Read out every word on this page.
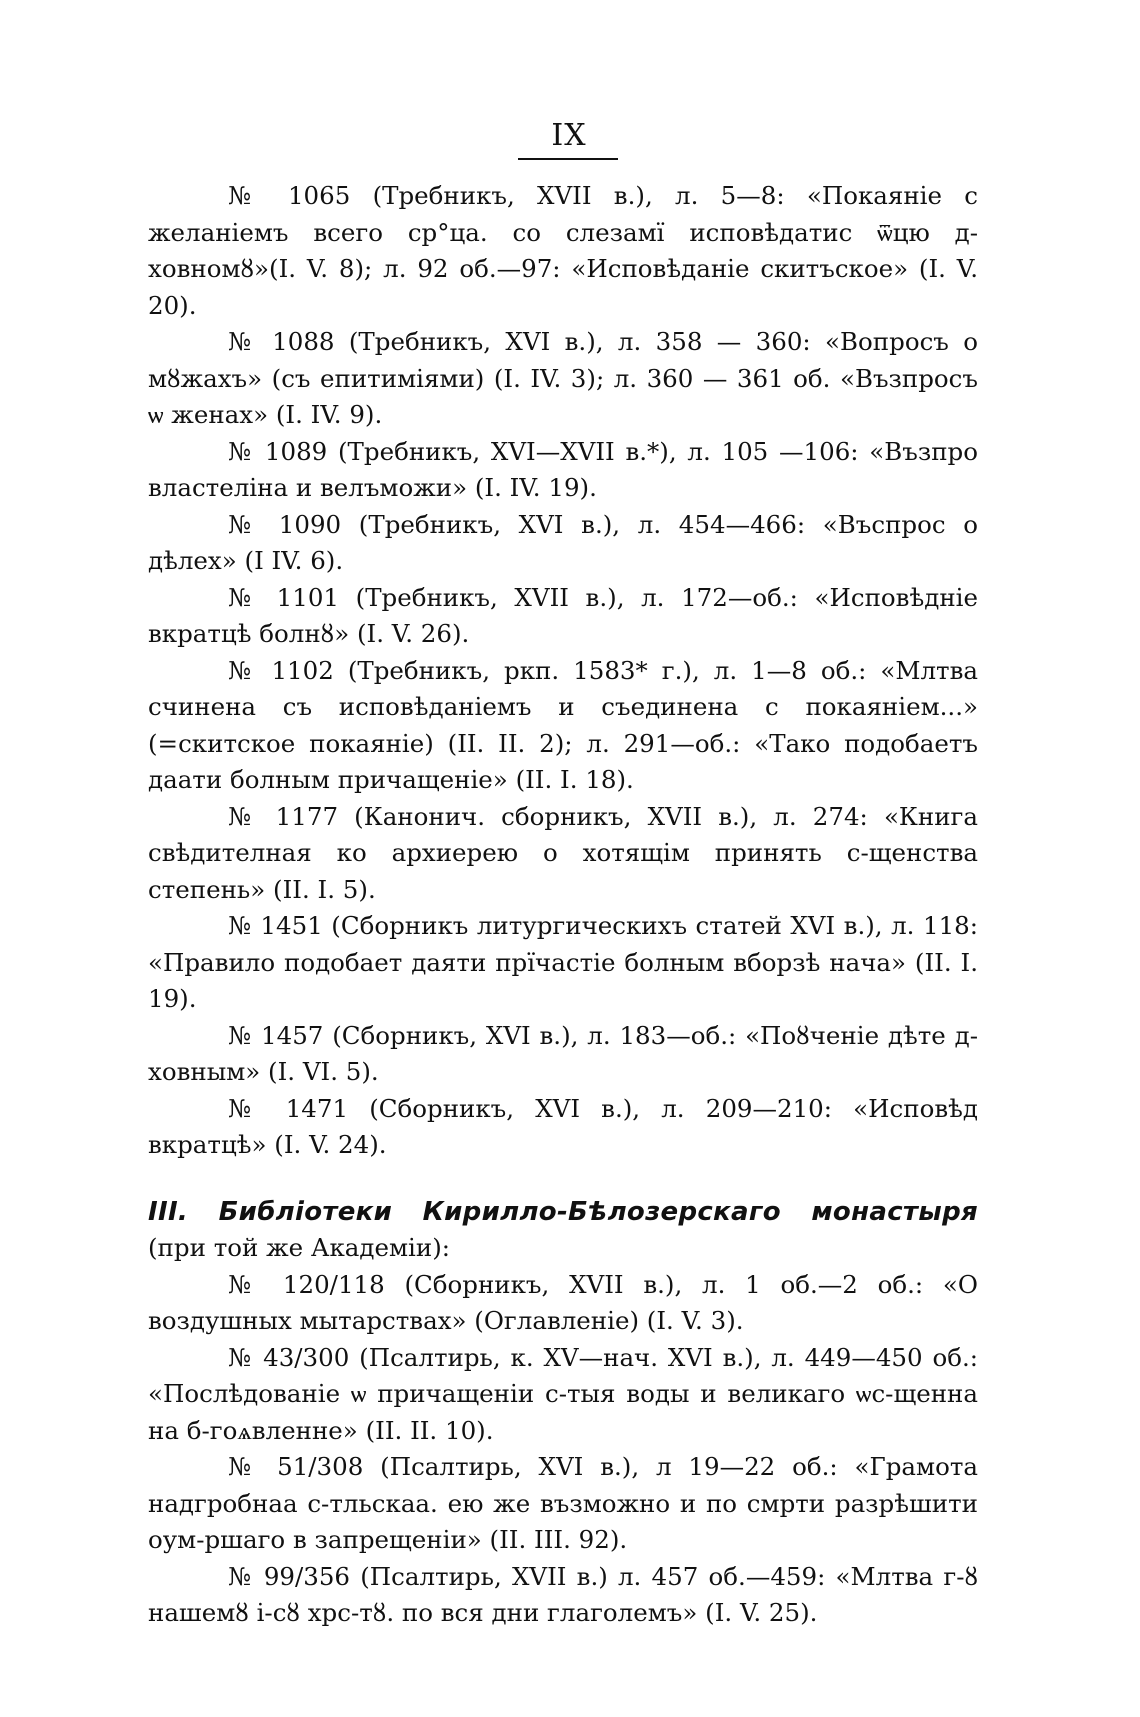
IX

№ 1065 (Требникъ, XVII в.), л. 5—8: «Покаяніе с желаніемъ всего ср°ца. со слезамї исповѣдатис ѿцю д-ховномȣ»(I. V. 8); л. 92 об.—97: «Исповѣданіе скитъское» (I. V. 20).

№ 1088 (Требникъ, XVI в.), л. 358 — 360: «Вопросъ о мȣжахъ» (съ епитиміями) (I. IV. 3); л. 360 — 361 об. «Възпросъ ѡ женах» (I. IV. 9).

№ 1089 (Требникъ, XVI—XVII в.*), л. 105 —106: «Възпро властеліна и велъможи» (I. IV. 19).

№ 1090 (Требникъ, XVI в.), л. 454—466: «Въспрос о дѣлех» (I IV. 6).

№ 1101 (Требникъ, XVII в.), л. 172—об.: «Исповѣдніе вкратцѣ болнȣ» (I. V. 26).

№ 1102 (Требникъ, ркп. 1583* г.), л. 1—8 об.: «Млтва счинена съ исповѣданіемъ и съединена с покаяніем...» (=скитское покаяніе) (II. II. 2); л. 291—об.: «Тако подобаетъ даати болным причащеніе» (II. I. 18).

№ 1177 (Канонич. сборникъ, XVII в.), л. 274: «Книга свѣдителная ко архиерею о хотящім принять с-щенства степень» (II. I. 5).

№ 1451 (Сборникъ литургическихъ статей XVI в.), л. 118: «Правило подобает даяти прїчастіе болным вборзѣ нача» (II. I. 19).

№ 1457 (Сборникъ, XVI в.), л. 183—об.: «Поȣченіе дѣте д-ховным» (I. VI. 5).

№ 1471 (Сборникъ, XVI в.), л. 209—210: «Исповѣд вкратцѣ» (I. V. 24).

III. Библіотеки Кирилло-Бѣлозерскаго монастыря (при той же Академіи):

№ 120/118 (Сборникъ, XVII в.), л. 1 об.—2 об.: «О воздушных мытарствах» (Оглавленіе) (I. V. 3).

№ 43/300 (Псалтирь, к. XV—нач. XVI в.), л. 449—450 об.: «Послѣдованіе ѡ причащеніи с-тыя воды и великаго ѡс-щенна на б-гоѧвленне» (II. II. 10).

№ 51/308 (Псалтирь, XVI в.), л 19—22 об.: «Грамота надгробнаа с-тльскаа. ею же възможно и по смрти разрѣшити оум-ршаго в запрещеніи» (II. III. 92).

№ 99/356 (Псалтирь, XVII в.) л. 457 об.—459: «Млтва г-ȣ нашемȣ і-сȣ хрс-тȣ. по вся дни глаголемъ» (I. V. 25).
